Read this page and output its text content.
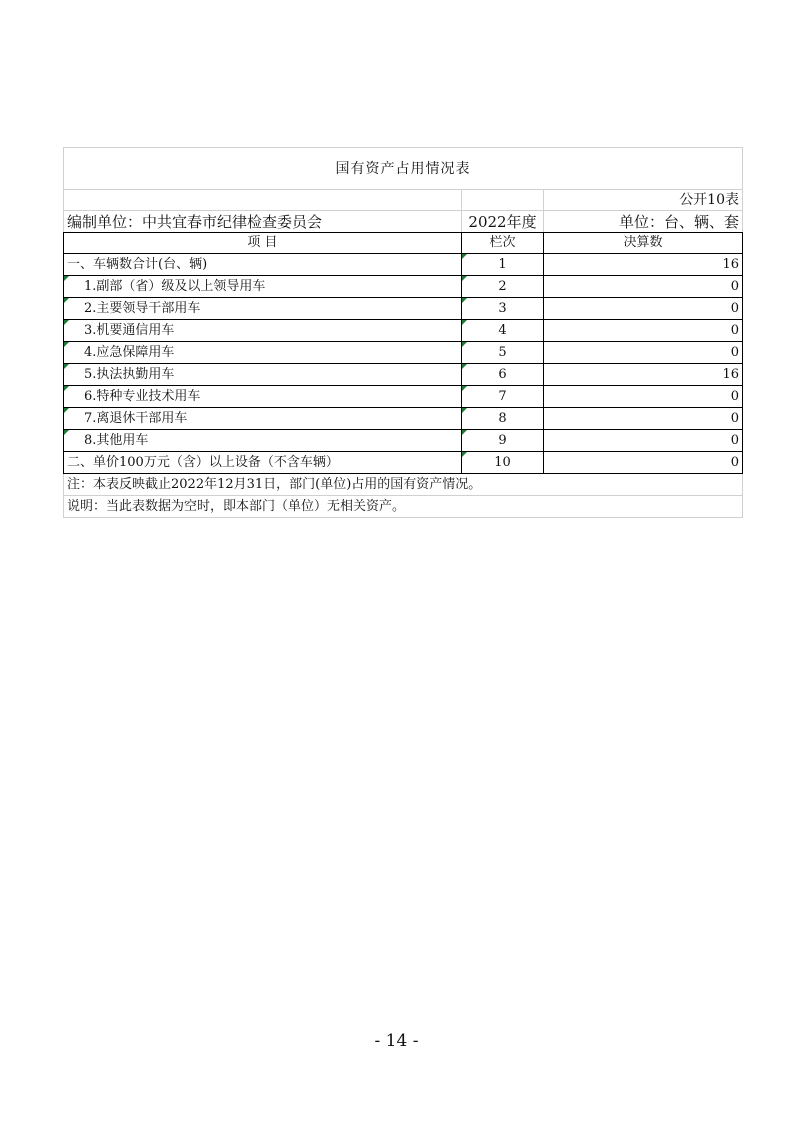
国有资产占用情况表		
		公开10表
编制单位：中共宜春市纪律检查委员会	2022年度	单位：台、辆、套
项 目	栏次	决算数
一、车辆数合计(台、辆)	1	16
1.副部（省）级及以上领导用车	2	0
2.主要领导干部用车	3	0
3.机要通信用车	4	0
4.应急保障用车	5	0
5.执法执勤用车	6	16
6.特种专业技术用车	7	0
7.离退休干部用车	8	0
8.其他用车	9	0
二、单价100万元（含）以上设备（不含车辆）	10	0
注：本表反映截止2022年12月31日，部门(单位)占用的国有资产情况。		
说明：当此表数据为空时，即本部门（单位）无相关资产。		
- 14 -
